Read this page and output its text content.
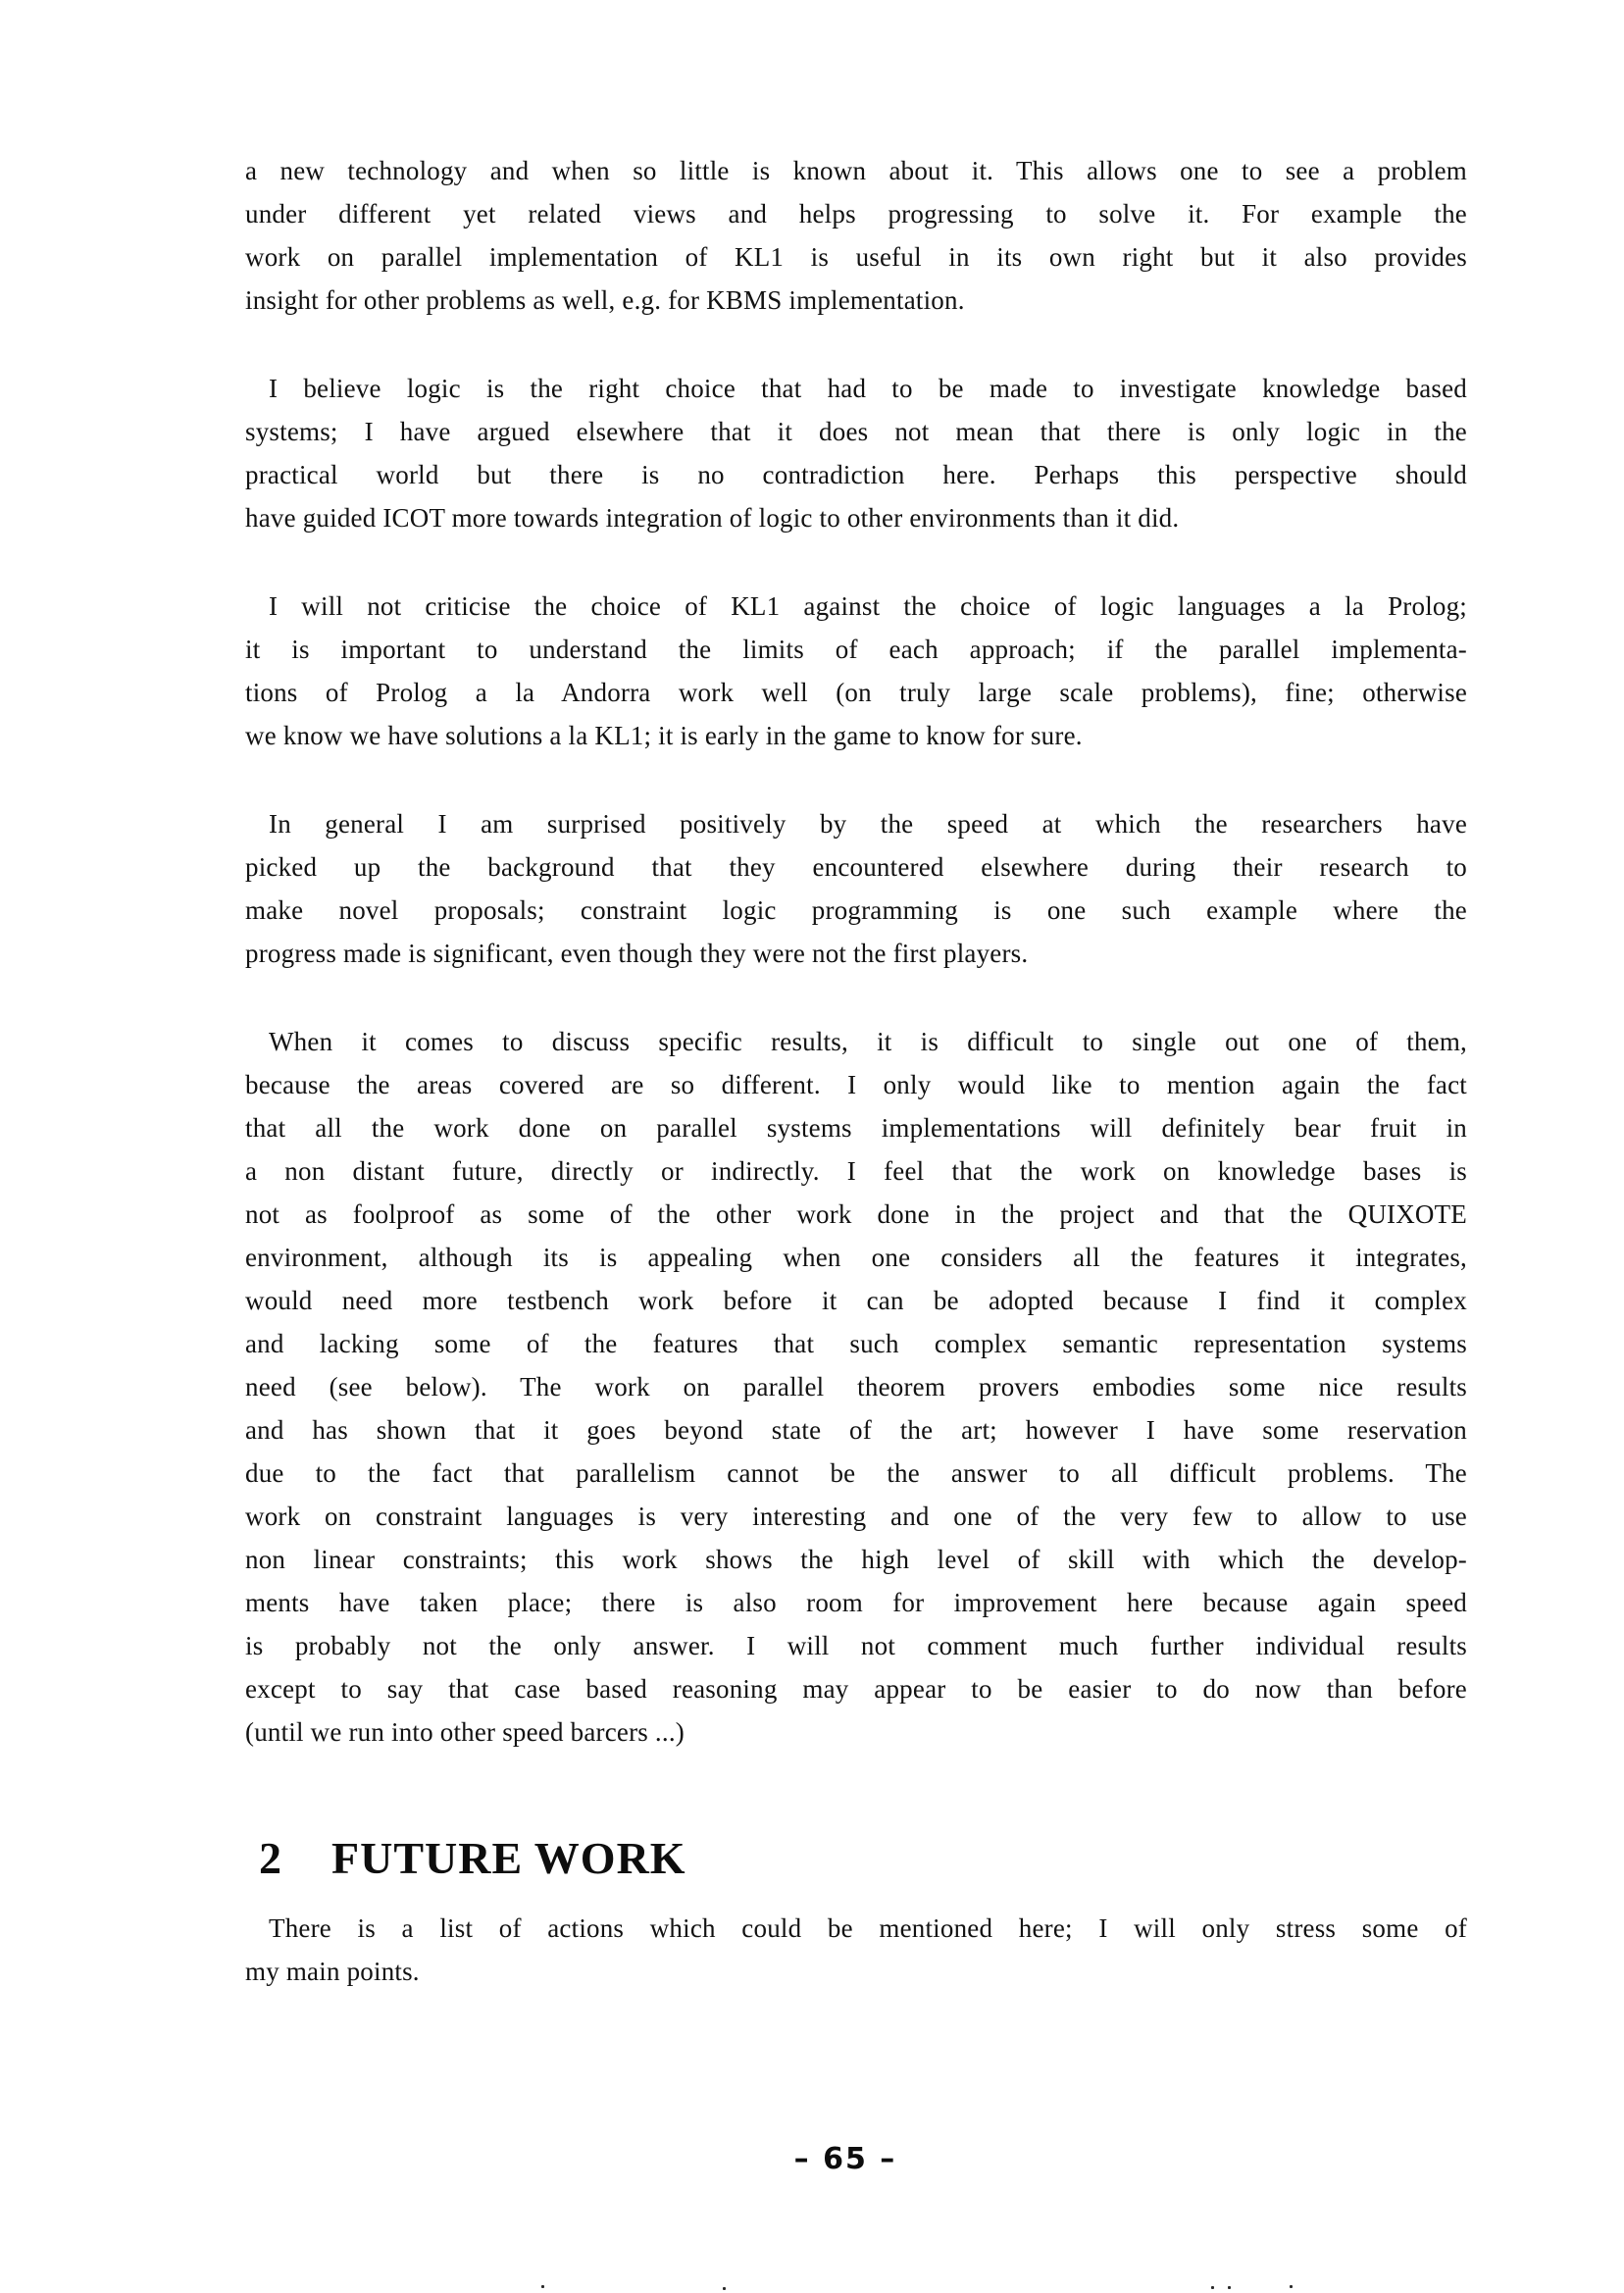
a new technology and when so little is known about it. This allows one to see a problem
under different yet related views and helps progressing to solve it. For example the
work on parallel implementation of KL1 is useful in its own right but it also provides
insight for other problems as well, e.g. for KBMS implementation.
I believe logic is the right choice that had to be made to investigate knowledge based
systems; I have argued elsewhere that it does not mean that there is only logic in the
practical world but there is no contradiction here. Perhaps this perspective should
have guided ICOT more towards integration of logic to other environments than it did.
I will not criticise the choice of KL1 against the choice of logic languages a la Prolog;
it is important to understand the limits of each approach; if the parallel implementa-
tions of Prolog a la Andorra work well (on truly large scale problems), fine; otherwise
we know we have solutions a la KL1; it is early in the game to know for sure.
In general I am surprised positively by the speed at which the researchers have
picked up the background that they encountered elsewhere during their research to
make novel proposals; constraint logic programming is one such example where the
progress made is significant, even though they were not the first players.
When it comes to discuss specific results, it is difficult to single out one of them,
because the areas covered are so different. I only would like to mention again the fact
that all the work done on parallel systems implementations will definitely bear fruit in
a non distant future, directly or indirectly. I feel that the work on knowledge bases is
not as foolproof as some of the other work done in the project and that the QUIXOTE
environment, although its is appealing when one considers all the features it integrates,
would need more testbench work before it can be adopted because I find it complex
and lacking some of the features that such complex semantic representation systems
need (see below). The work on parallel theorem provers embodies some nice results
and has shown that it goes beyond state of the art; however I have some reservation
due to the fact that parallelism cannot be the answer to all difficult problems. The
work on constraint languages is very interesting and one of the very few to allow to use
non linear constraints; this work shows the high level of skill with which the develop-
ments have taken place; there is also room for improvement here because again speed
is probably not the only answer. I will not comment much further individual results
except to say that case based reasoning may appear to be easier to do now than before
(until we run into other speed barcers ...)
2 FUTURE WORK
There is a list of actions which could be mentioned here; I will only stress some of
my main points.
– 65 –
